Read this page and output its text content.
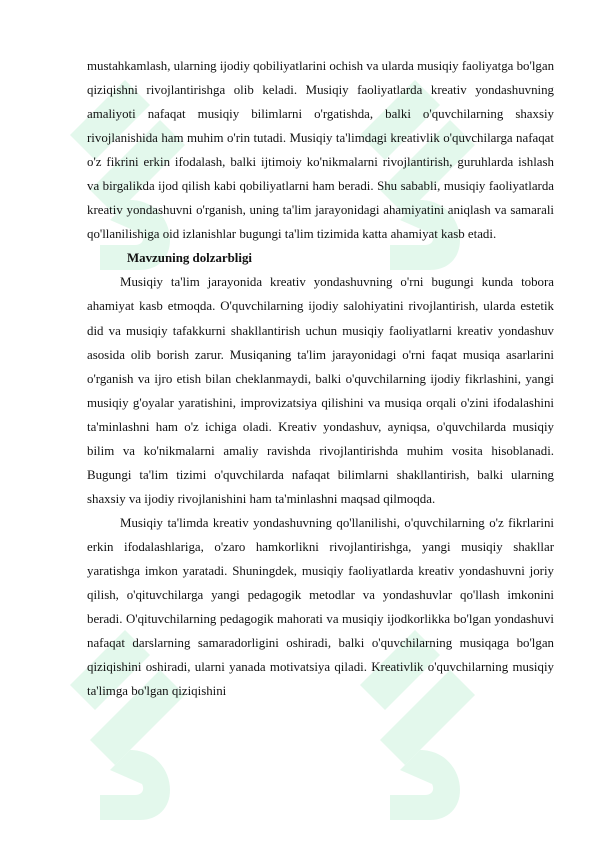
mustahkamlash, ularning ijodiy qobiliyatlarini ochish va ularda musiqiy faoliyatga bo'lgan qiziqishni rivojlantirishga olib keladi. Musiqiy faoliyatlarda kreativ yondashuvning amaliyoti nafaqat musiqiy bilimlarni o'rgatishda, balki o'quvchilarning shaxsiy rivojlanishida ham muhim o'rin tutadi. Musiqiy ta'limdagi kreativlik o'quvchilarga nafaqat o'z fikrini erkin ifodalash, balki ijtimoiy ko'nikmalarni rivojlantirish, guruhlarda ishlash va birgalikda ijod qilish kabi qobiliyatlarni ham beradi. Shu sababli, musiqiy faoliyatlarda kreativ yondashuvni o'rganish, uning ta'lim jarayonidagi ahamiyatini aniqlash va samarali qo'llanilishiga oid izlanishlar bugungi ta'lim tizimida katta ahamiyat kasb etadi.

Mavzuning dolzarbligi

Musiqiy ta'lim jarayonida kreativ yondashuvning o'rni bugungi kunda tobora ahamiyat kasb etmoqda. O'quvchilarning ijodiy salohiyatini rivojlantirish, ularda estetik did va musiqiy tafakkurni shakllantirish uchun musiqiy faoliyatlarni kreativ yondashuv asosida olib borish zarur. Musiqaning ta'lim jarayonidagi o'rni faqat musiqa asarlarini o'rganish va ijro etish bilan cheklanmaydi, balki o'quvchilarning ijodiy fikrlashini, yangi musiqiy g'oyalar yaratishini, improvizatsiya qilishini va musiqa orqali o'zini ifodalashini ta'minlashni ham o'z ichiga oladi. Kreativ yondashuv, ayniqsa, o'quvchilarda musiqiy bilim va ko'nikmalarni amaliy ravishda rivojlantirishda muhim vosita hisoblanadi. Bugungi ta'lim tizimi o'quvchilarda nafaqat bilimlarni shakllantirish, balki ularning shaxsiy va ijodiy rivojlanishini ham ta'minlashni maqsad qilmoqda.

Musiqiy ta'limda kreativ yondashuvning qo'llanilishi, o'quvchilarning o'z fikrlarini erkin ifodalashlariga, o'zaro hamkorlikni rivojlantirishga, yangi musiqiy shakllar yaratishga imkon yaratadi. Shuningdek, musiqiy faoliyatlarda kreativ yondashuvni joriy qilish, o'qituvchilarga yangi pedagogik metodlar va yondashuvlar qo'llash imkonini beradi. O'qituvchilarning pedagogik mahorati va musiqiy ijodkorlikka bo'lgan yondashuvi nafaqat darslarning samaradorligini oshiradi, balki o'quvchilarning musiqaga bo'lgan qiziqishini oshiradi, ularni yanada motivatsiya qiladi. Kreativlik o'quvchilarning musiqiy ta'limga bo'lgan qiziqishini
